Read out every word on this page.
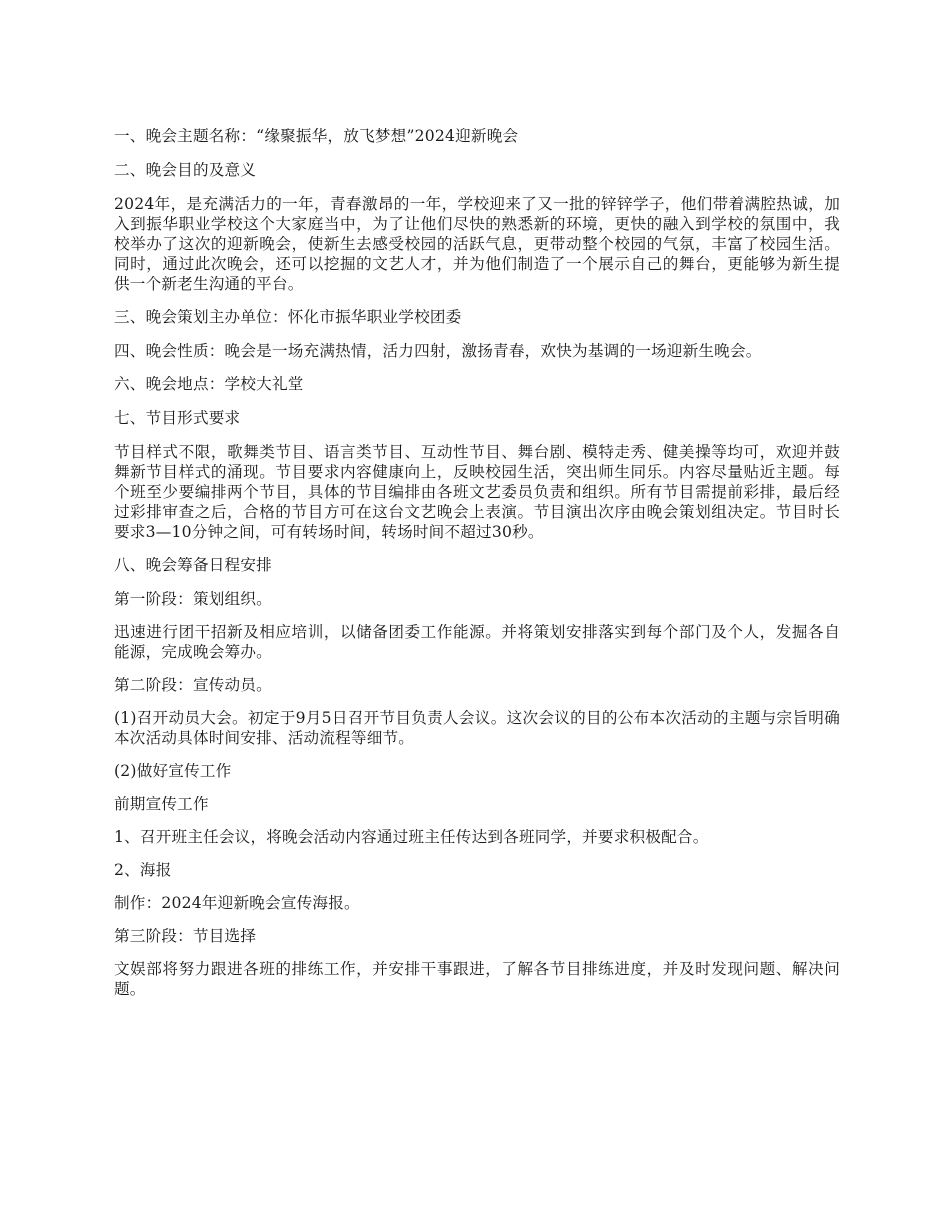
一、晚会主题名称：“缘聚振华，放飞梦想”2024迎新晚会

二、晚会目的及意义

2024年，是充满活力的一年，青春激昂的一年，学校迎来了又一批的锌锌学子，他们带着满腔热诚，加入到振华职业学校这个大家庭当中，为了让他们尽快的熟悉新的环境，更快的融入到学校的氛围中，我校举办了这次的迎新晚会，使新生去感受校园的活跃气息，更带动整个校园的气氛，丰富了校园生活。同时，通过此次晚会，还可以挖掘的文艺人才，并为他们制造了一个展示自己的舞台，更能够为新生提供一个新老生沟通的平台。

三、晚会策划主办单位：怀化市振华职业学校团委

四、晚会性质：晚会是一场充满热情，活力四射，激扬青春，欢快为基调的一场迎新生晚会。

六、晚会地点：学校大礼堂

七、节目形式要求

节目样式不限，歌舞类节目、语言类节目、互动性节目、舞台剧、模特走秀、健美操等均可，欢迎并鼓舞新节目样式的涌现。节目要求内容健康向上，反映校园生活，突出师生同乐。内容尽量贴近主题。每个班至少要编排两个节目，具体的节目编排由各班文艺委员负责和组织。所有节目需提前彩排，最后经过彩排审查之后，合格的节目方可在这台文艺晚会上表演。节目演出次序由晚会策划组决定。节目时长要求3—10分钟之间，可有转场时间，转场时间不超过30秒。

八、晚会筹备日程安排

第一阶段：策划组织。

迅速进行团干招新及相应培训，以储备团委工作能源。并将策划安排落实到每个部门及个人，发掘各自能源，完成晚会筹办。

第二阶段：宣传动员。

(1)召开动员大会。初定于9月5日召开节目负责人会议。这次会议的目的公布本次活动的主题与宗旨明确本次活动具体时间安排、活动流程等细节。

(2)做好宣传工作

前期宣传工作

1、召开班主任会议，将晚会活动内容通过班主任传达到各班同学，并要求积极配合。

2、海报

制作：2024年迎新晚会宣传海报。

第三阶段：节目选择

文娱部将努力跟进各班的排练工作，并安排干事跟进，了解各节目排练进度，并及时发现问题、解决问题。
